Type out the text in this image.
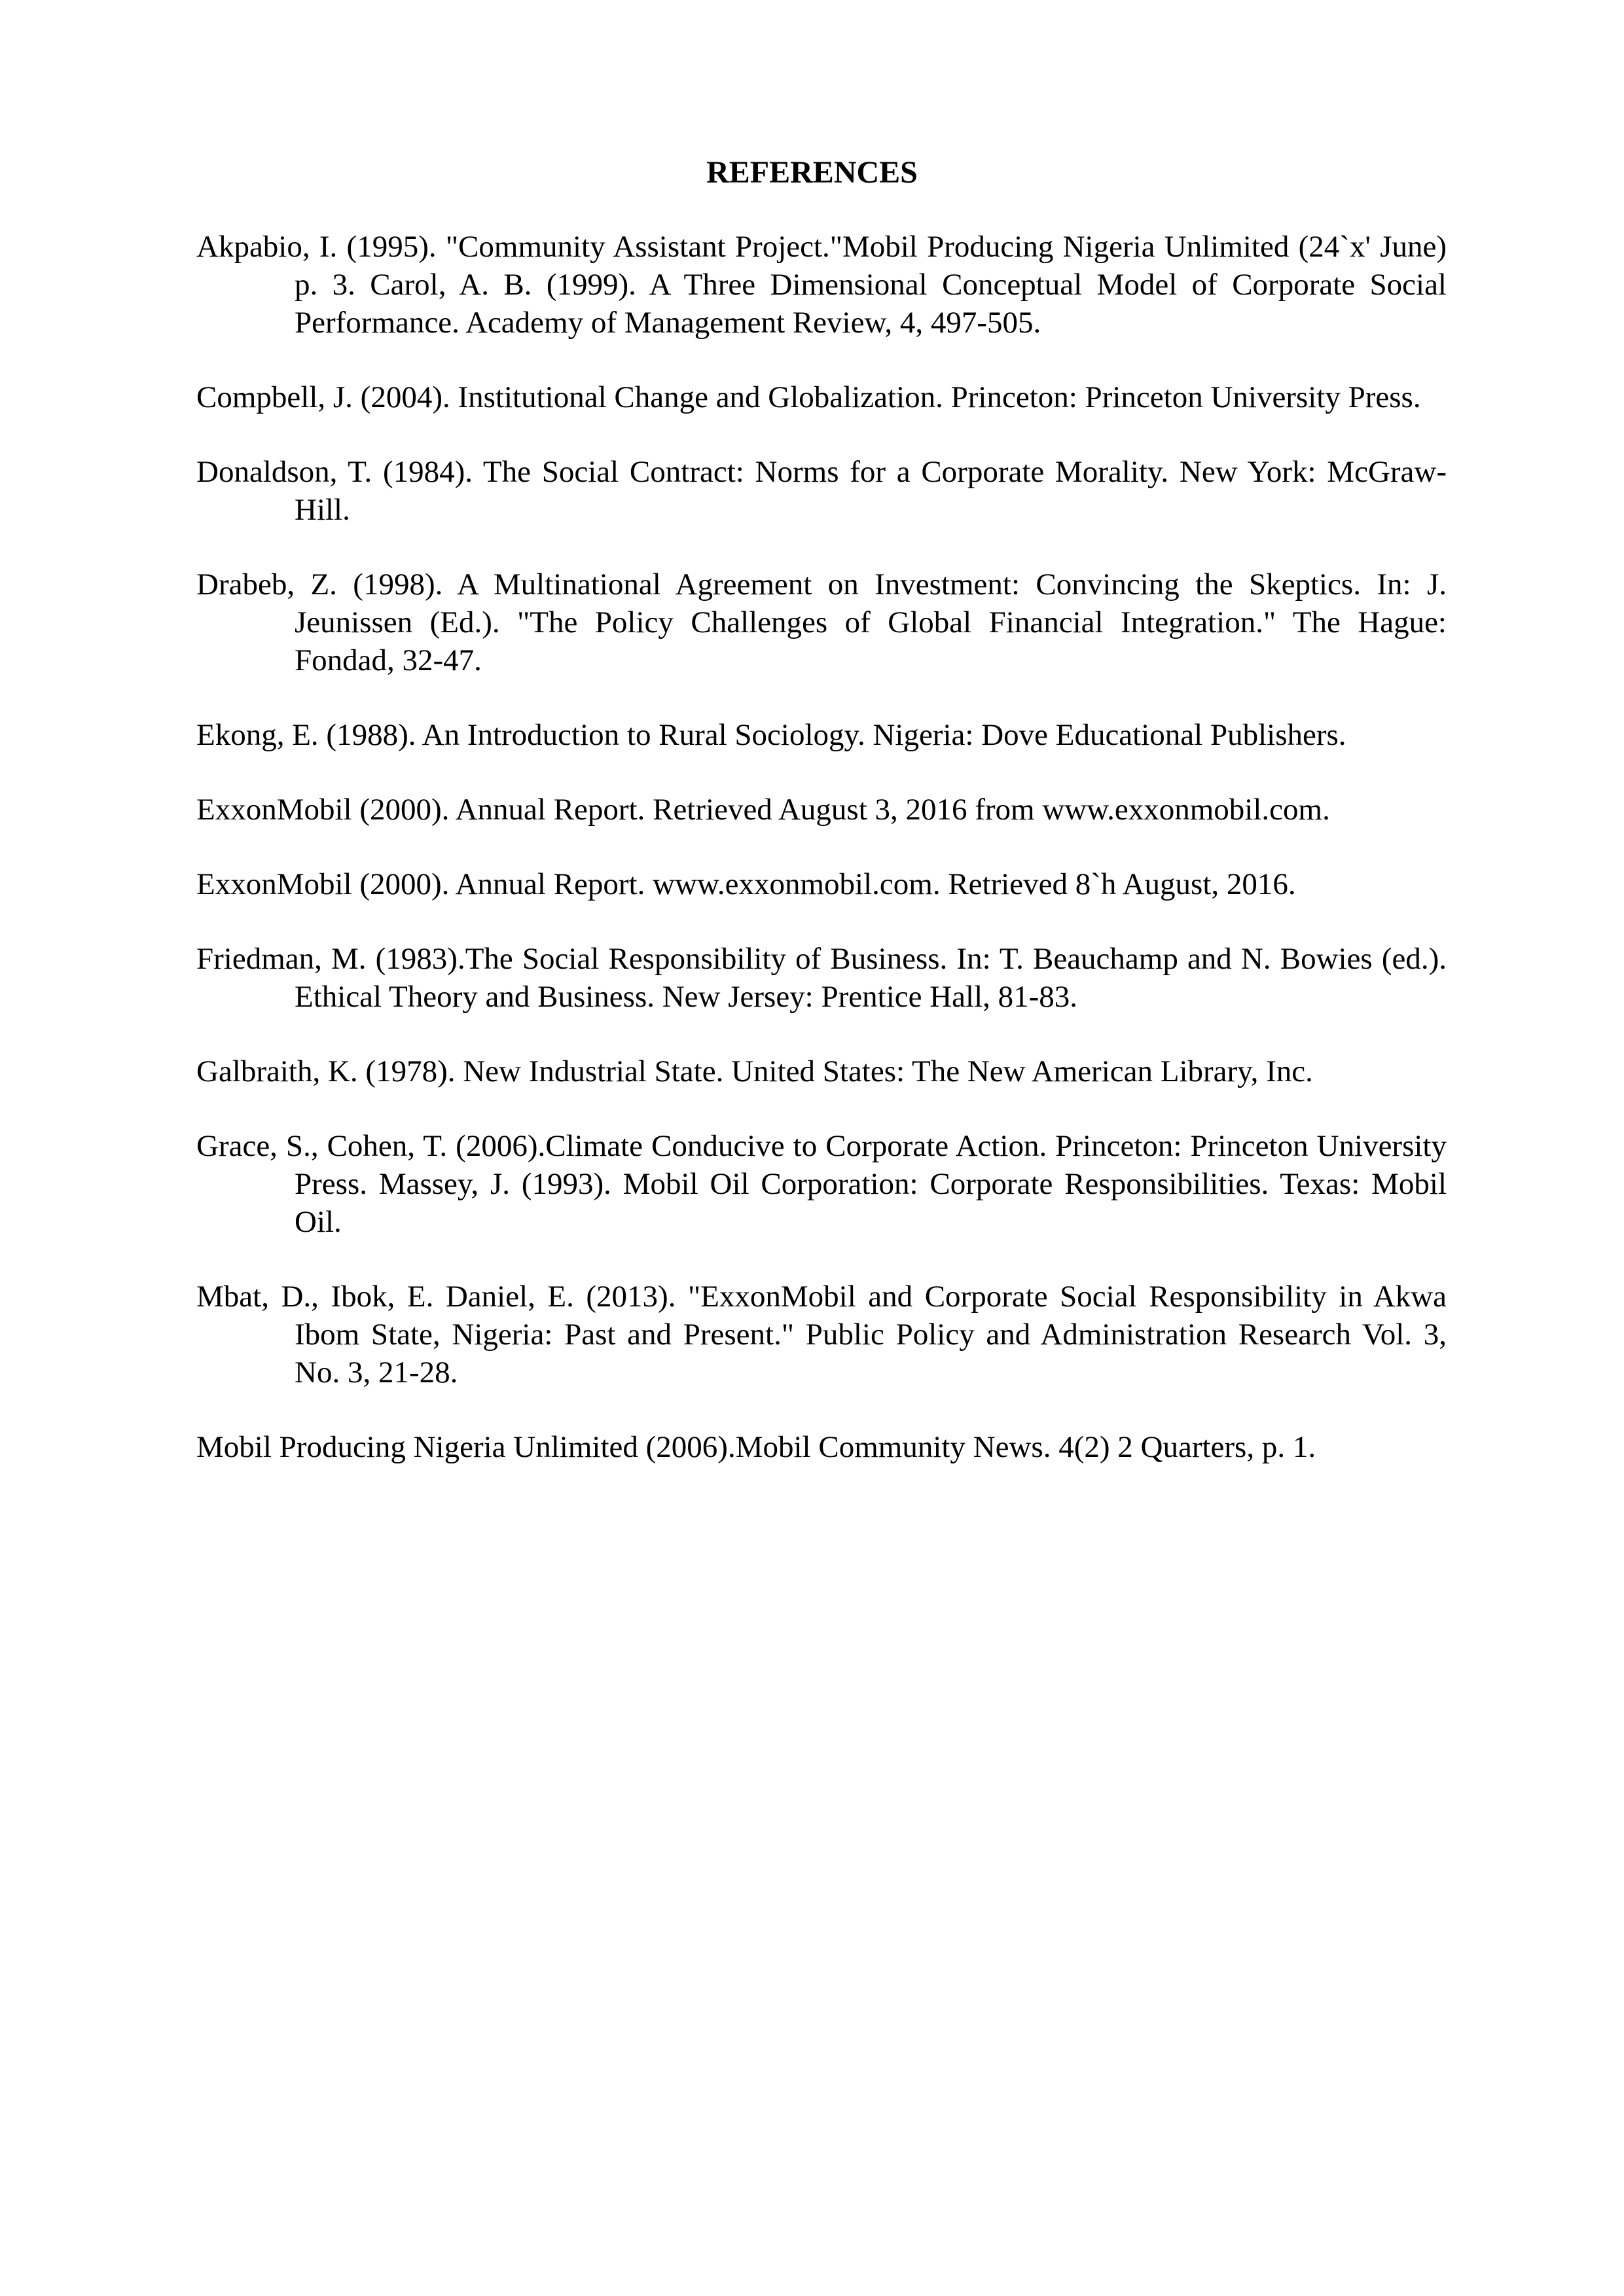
REFERENCES
Akpabio, I. (1995). "Community Assistant Project."Mobil Producing Nigeria Unlimited (24`x' June) p. 3. Carol, A. B. (1999). A Three Dimensional Conceptual Model of Corporate Social Performance. Academy of Management Review, 4, 497-505.
Compbell, J. (2004). Institutional Change and Globalization. Princeton: Princeton University Press.
Donaldson, T. (1984). The Social Contract: Norms for a Corporate Morality. New York: McGraw-Hill.
Drabeb, Z. (1998). A Multinational Agreement on Investment: Convincing the Skeptics. In: J. Jeunissen (Ed.). "The Policy Challenges of Global Financial Integration." The Hague: Fondad, 32-47.
Ekong, E. (1988). An Introduction to Rural Sociology. Nigeria: Dove Educational Publishers.
ExxonMobil (2000). Annual Report. Retrieved August 3, 2016 from www.exxonmobil.com.
ExxonMobil (2000). Annual Report. www.exxonmobil.com. Retrieved 8`h August, 2016.
Friedman, M. (1983).The Social Responsibility of Business. In: T. Beauchamp and N. Bowies (ed.). Ethical Theory and Business. New Jersey: Prentice Hall, 81-83.
Galbraith, K. (1978). New Industrial State. United States: The New American Library, Inc.
Grace, S., Cohen, T. (2006).Climate Conducive to Corporate Action. Princeton: Princeton University Press. Massey, J. (1993). Mobil Oil Corporation: Corporate Responsibilities. Texas: Mobil Oil.
Mbat, D., Ibok, E. Daniel, E. (2013). "ExxonMobil and Corporate Social Responsibility in Akwa Ibom State, Nigeria: Past and Present." Public Policy and Administration Research Vol. 3, No. 3, 21-28.
Mobil Producing Nigeria Unlimited (2006).Mobil Community News. 4(2) 2 Quarters, p. 1.
